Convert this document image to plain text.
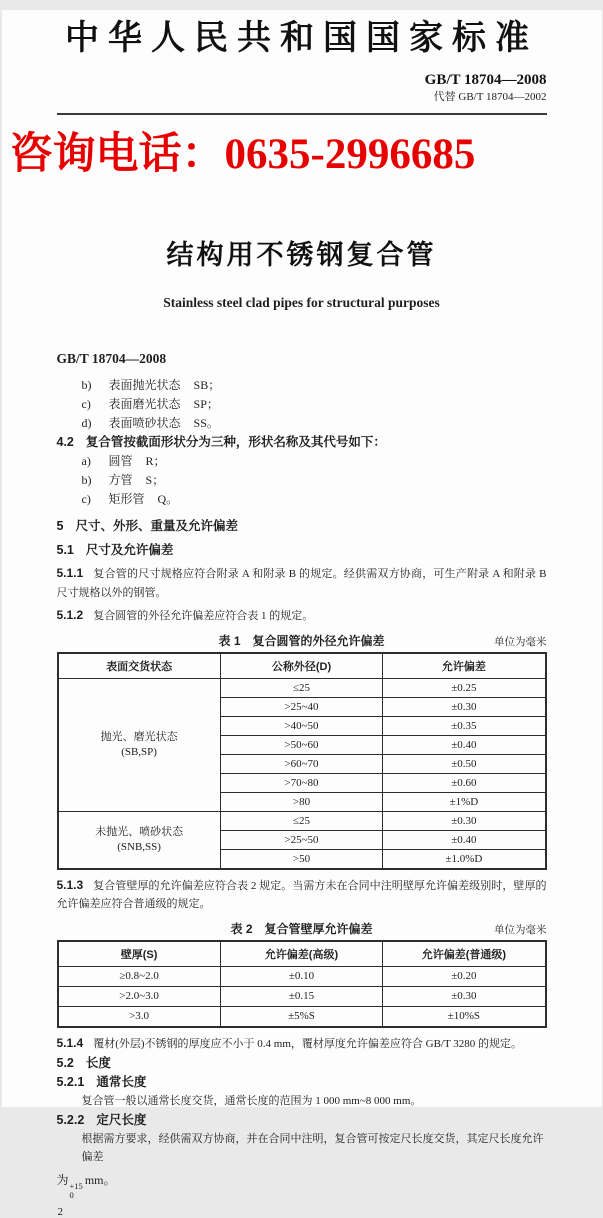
中华人民共和国国家标准
GB/T 18704—2008
代替 GB/T 18704—2002
咨询电话：0635-2996685
结构用不锈钢复合管
Stainless steel clad pipes for structural purposes
GB/T 18704—2008
b)	表面抛光状态 SB；
c)	表面磨光状态 SP；
d)	表面喷砂状态 SS。
4.2 复合管按截面形状分为三种，形状名称及其代号如下：
a)	圆管 R；
b)	方管 S；
c)	矩形管 Q。
5 尺寸、外形、重量及允许偏差
5.1 尺寸及允许偏差
5.1.1 复合管的尺寸规格应符合附录 A 和附录 B 的规定。经供需双方协商，可生产附录 A 和附录 B 尺寸规格以外的钢管。
5.1.2 复合圆管的外径允许偏差应符合表 1 的规定。
表 1　复合圆管的外径允许偏差	单位为毫米
表面交货状态	公称外径(D)	允许偏差

抛光、磨光状态
(SB,SP)	≤25	±0.25
	>25~40	±0.30
	>40~50	±0.35
	>50~60	±0.40
	>60~70	±0.50
	>70~80	±0.60
	>80	±1%D

未抛光、喷砂状态
(SNB,SS)	≤25	±0.30
	>25~50	±0.40
	>50	±1.0%D
5.1.3 复合管壁厚的允许偏差应符合表 2 规定。当需方未在合同中注明壁厚允许偏差级别时，壁厚的允许偏差应符合普通级的规定。
表 2　复合管壁厚允许偏差	单位为毫米
壁厚(S)	允许偏差(高级)	允许偏差(普通级)
≥0.8~2.0	±0.10	±0.20
>2.0~3.0	±0.15	±0.30
>3.0	±5%S	±10%S
5.1.4 覆材(外层)不锈钢的厚度应不小于 0.4 mm，覆材厚度允许偏差应符合 GB/T 3280 的规定。
5.2 长度
5.2.1 通常长度
复合管一般以通常长度交货，通常长度的范围为 1 000 mm~8 000 mm。
5.2.2 定尺长度
根据需方要求，经供需双方协商，并在合同中注明，复合管可按定尺长度交货，其定尺长度允许偏差
为 +15
0
mm。
2
